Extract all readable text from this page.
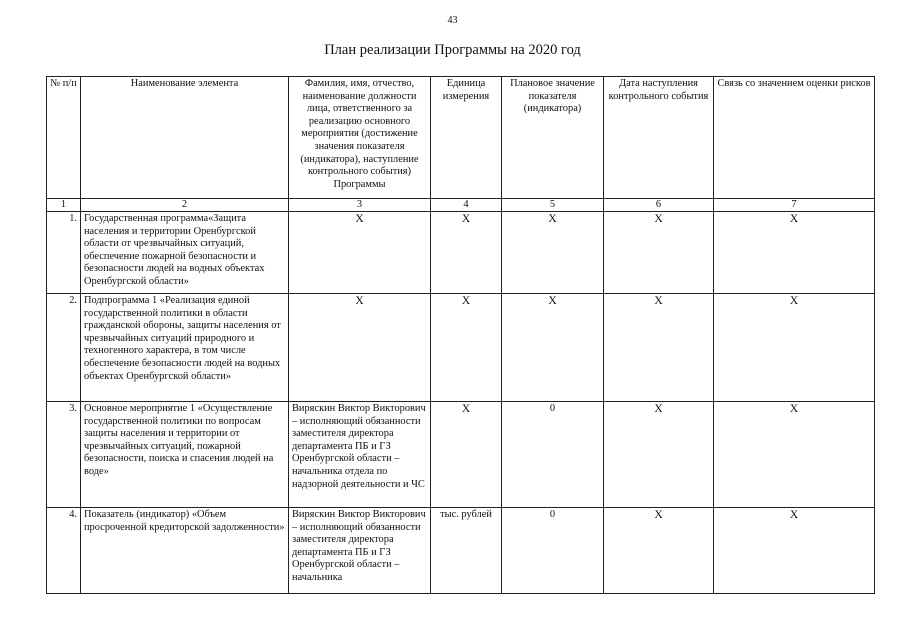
43
План реализации Программы на 2020 год
№ п/п	Наименование элемента	Фамилия, имя, отчество, наименование должности лица, ответственного за реализацию основного мероприятия (достижение значения показателя (индикатора), наступление контрольного события) Программы	Единица измерения	Плановое значение показателя (индикатора)	Дата наступления контрольного события	Связь со значением оценки рисков
1	2	3	4	5	6	7
1.	Государственная программа«Защита населения и территории Оренбургской области от чрезвычайных ситуаций, обеспечение пожарной безопасности и безопасности людей на водных объектах Оренбургской области»	Х	Х	Х	Х	Х
2.	Подпрограмма 1 «Реализация единой государственной политики в области гражданской обороны, защиты населения от чрезвычайных ситуаций природного и техногенного характера, в том числе обеспечение безопасности людей на водных объектах Оренбургской области»	Х	Х	Х	Х	Х
3.	Основное мероприятие 1 «Осуществление государственной политики по вопросам защиты населения и территории от чрезвычайных ситуаций, пожарной безопасности, поиска и спасения людей на воде»	Виряскин Виктор Викторович – исполняющий обязанности заместителя директора департамента ПБ и ГЗ Оренбургской области – начальника отдела по надзорной деятельности и ЧС	Х	0	Х	Х
4.	Показатель (индикатор) «Объем просроченной кредиторской задолженности»	Виряскин Виктор Викторович – исполняющий обязанности заместителя директора департамента ПБ и ГЗ Оренбургской области – начальника	тыс. рублей	0	Х	Х
